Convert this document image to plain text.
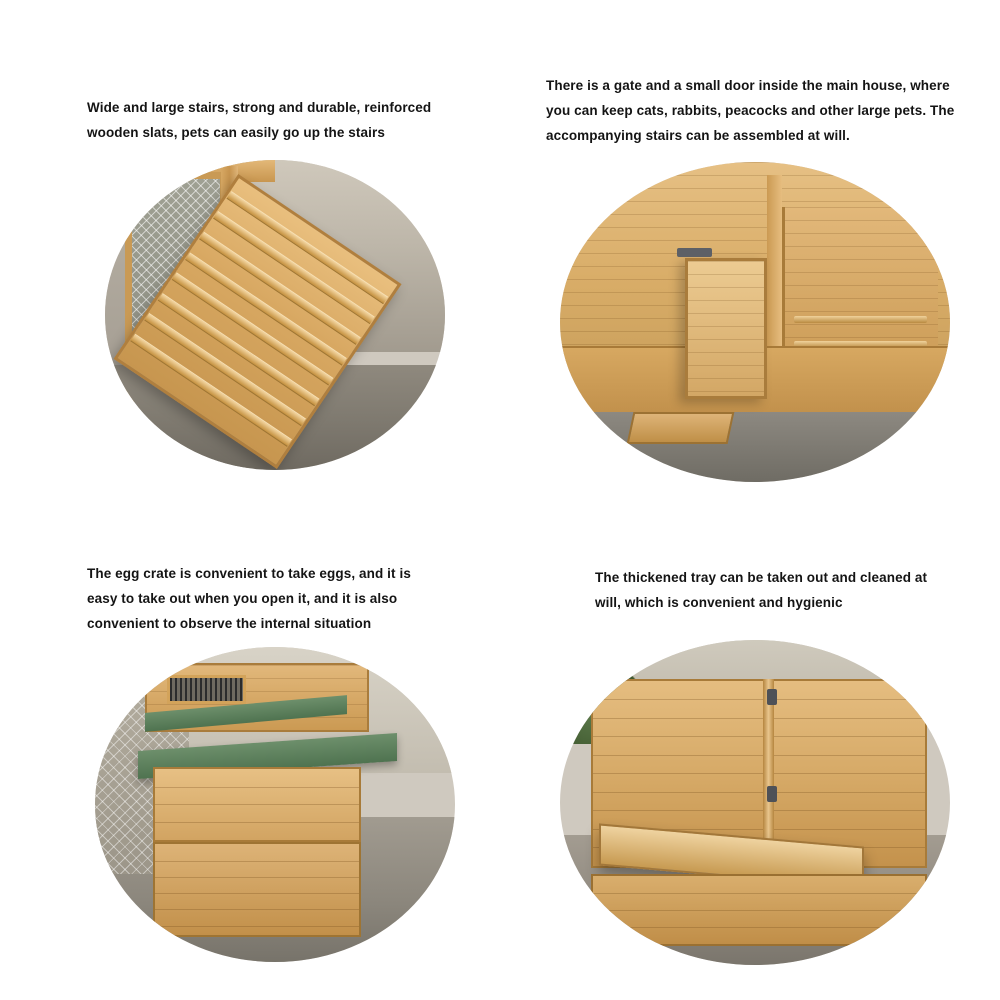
Wide and large stairs, strong and durable, reinforced wooden slats, pets can easily go up the stairs
There is a gate and a small door inside the main house, where you can keep cats, rabbits, peacocks and other large pets. The accompanying stairs can be assembled at will.
The egg crate is convenient to take eggs, and it is easy to take out when you open it, and it is also convenient to observe the internal situation
The thickened tray can be taken out and cleaned at will, which is convenient and hygienic
